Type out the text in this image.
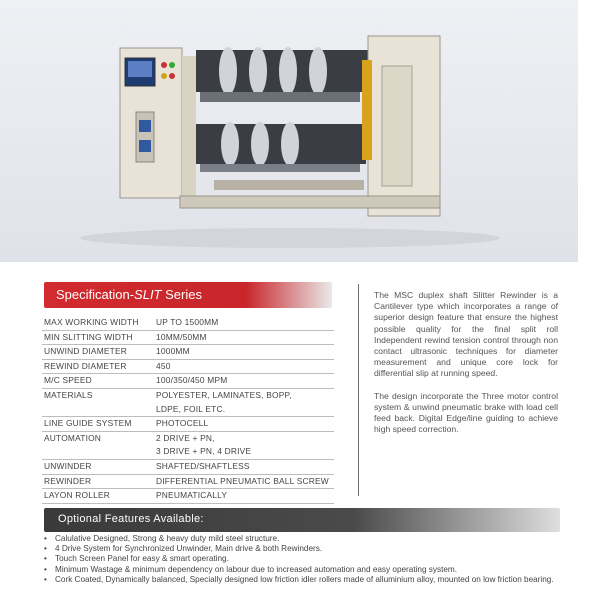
Specification-SLIT Series
MAX WORKING WIDTH	UP TO 1500MM

MIN SLITTING WIDTH	10MM/50MM

UNWIND DIAMETER	1000MM

REWIND DIAMETER	450

M/C SPEED	100/350/450 MPM

MATERIALS	POLYESTER, LAMINATES, BOPP,
LDPE, FOIL ETC.

LINE GUIDE SYSTEM	PHOTOCELL

AUTOMATION	2 DRIVE + PN,
3 DRIVE + PN, 4 DRIVE

UNWINDER	SHAFTED/SHAFTLESS

REWINDER	DIFFERENTIAL PNEUMATIC BALL SCREW

LAYON ROLLER	PNEUMATICALLY

The MSC duplex shaft Slitter Rewinder is a Cantilever type which incorporates a range of superior design feature that ensure the highest possible quality for the final split roll Independent rewind tension control through non contact ultrasonic techniques for diameter measurement and unique core lock for differential slip at running speed.

The design incorporate the Three motor control system & unwind pneumatic brake with load cell feed back. Digital Edge/line guiding to achieve high speed correction.

Optional Features Available:
• Calulative Designed, Strong & heavy duty mild steel structure.
• 4 Drive System for Synchronized Unwinder, Main drive & both Rewinders.
• Touch Screen Panel for easy & smart operating.
• Minimum Wastage & minimum dependency on labour due to increased automation and easy operating system.
• Cork Coated, Dynamically balanced, Specially designed low friction idler rollers made of alluminium alloy, mounted on low friction bearing.
